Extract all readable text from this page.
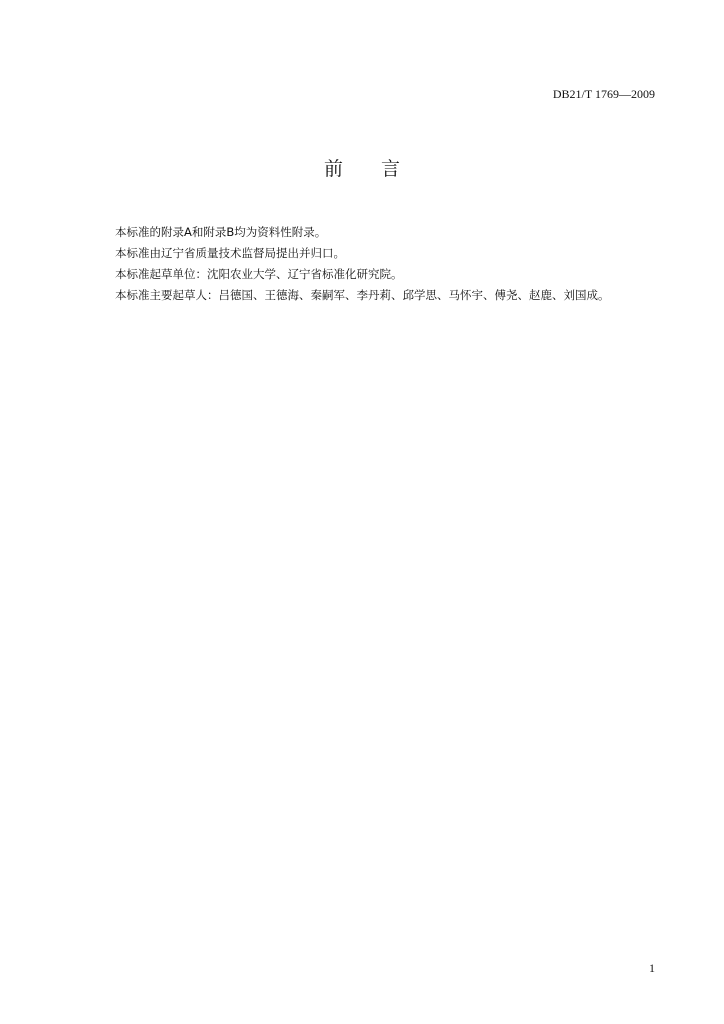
DB21/T 1769—2009
前言

本标准的附录A和附录B均为资料性附录。

本标准由辽宁省质量技术监督局提出并归口。

本标准起草单位：沈阳农业大学、辽宁省标准化研究院。

本标准主要起草人：吕德国、王德海、秦嗣军、李丹莉、邱学思、马怀宇、傅尧、赵鹿、刘国成。

1
